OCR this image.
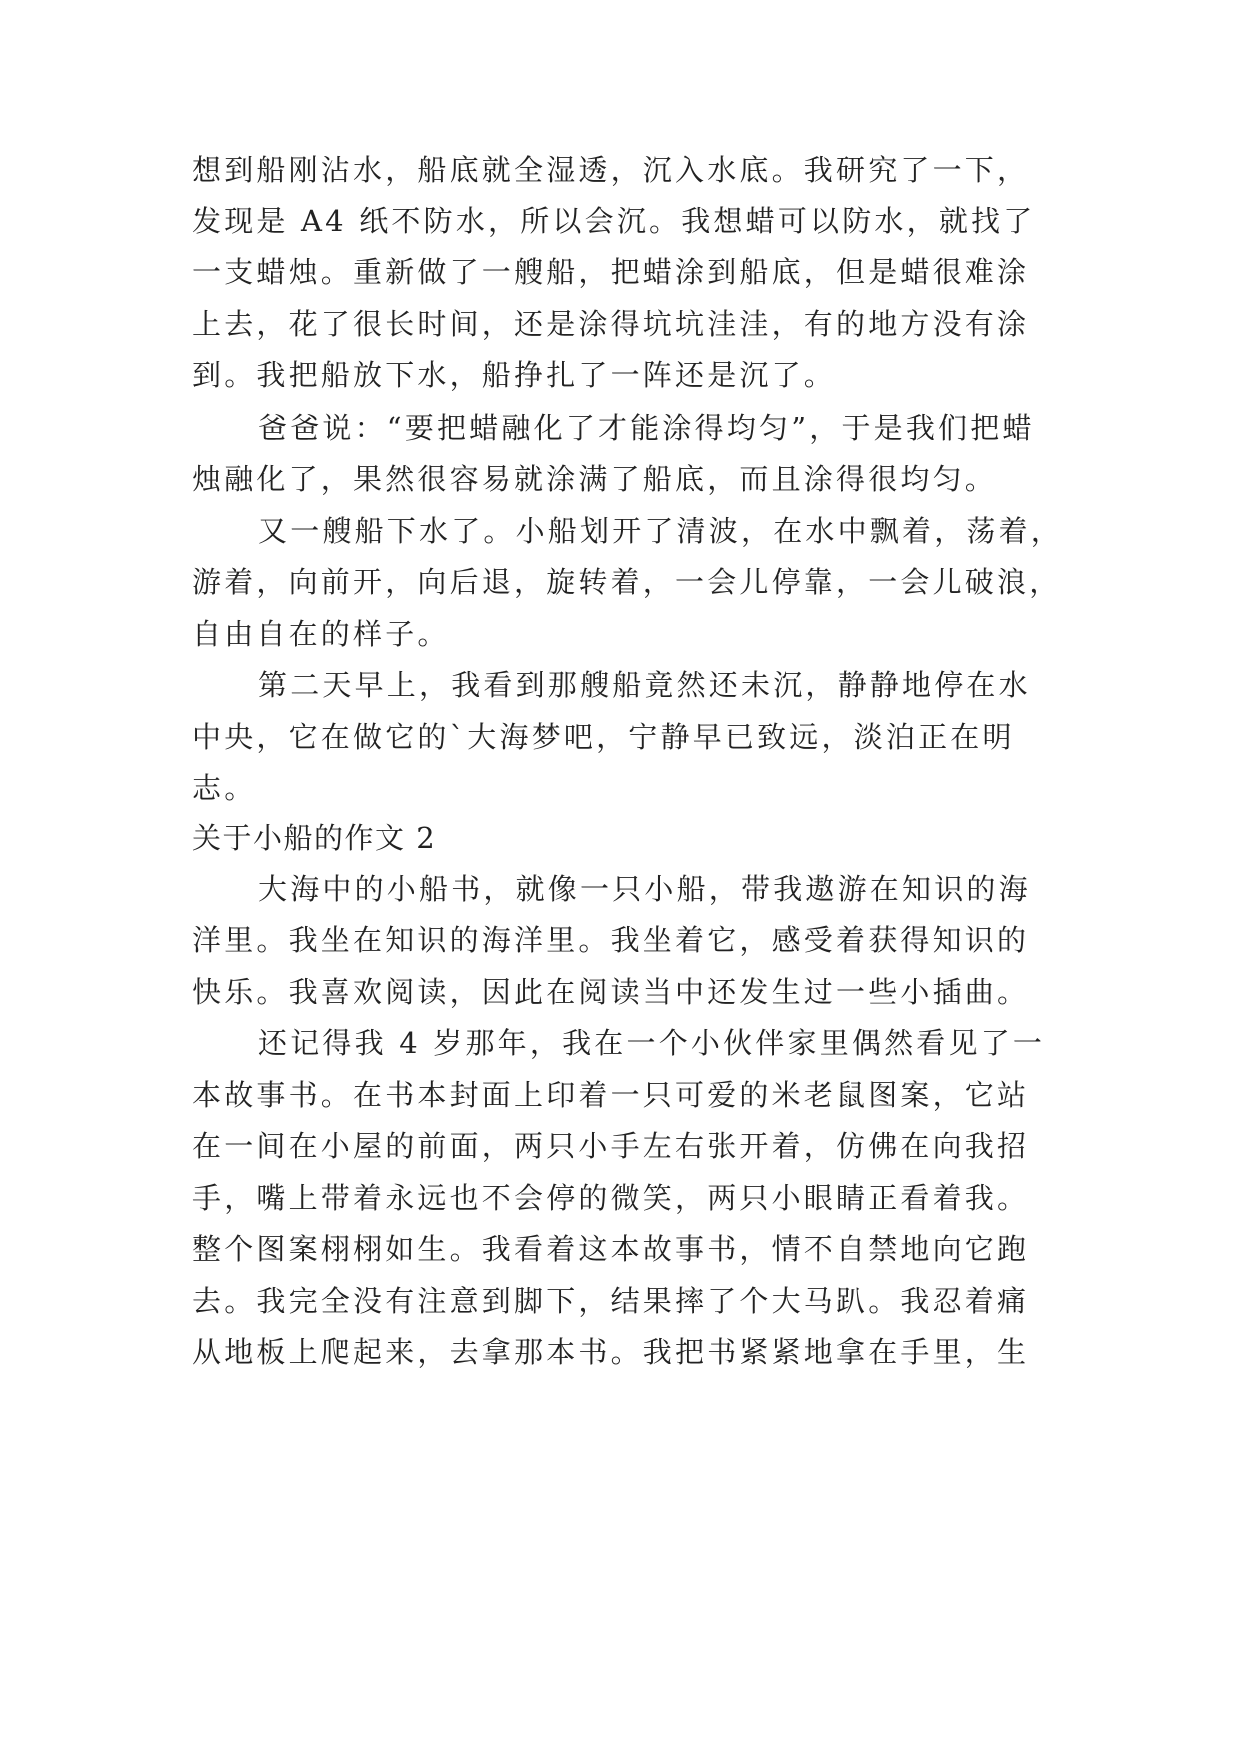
想到船刚沾水，船底就全湿透，沉入水底。我研究了一下，
发现是 A4 纸不防水，所以会沉。我想蜡可以防水，就找了
一支蜡烛。重新做了一艘船，把蜡涂到船底，但是蜡很难涂
上去，花了很长时间，还是涂得坑坑洼洼，有的地方没有涂
到。我把船放下水，船挣扎了一阵还是沉了。
爸爸说：“要把蜡融化了才能涂得均匀”，于是我们把蜡
烛融化了，果然很容易就涂满了船底，而且涂得很均匀。
又一艘船下水了。小船划开了清波，在水中飘着，荡着，
游着，向前开，向后退，旋转着，一会儿停靠，一会儿破浪，
自由自在的样子。
第二天早上，我看到那艘船竟然还未沉，静静地停在水
中央，它在做它的`大海梦吧，宁静早已致远，淡泊正在明
志。
关于小船的作文 2
大海中的小船书，就像一只小船，带我遨游在知识的海
洋里。我坐在知识的海洋里。我坐着它，感受着获得知识的
快乐。我喜欢阅读，因此在阅读当中还发生过一些小插曲。
还记得我 4 岁那年，我在一个小伙伴家里偶然看见了一
本故事书。在书本封面上印着一只可爱的米老鼠图案，它站
在一间在小屋的前面，两只小手左右张开着，仿佛在向我招
手，嘴上带着永远也不会停的微笑，两只小眼睛正看着我。
整个图案栩栩如生。我看着这本故事书，情不自禁地向它跑
去。我完全没有注意到脚下，结果摔了个大马趴。我忍着痛
从地板上爬起来，去拿那本书。我把书紧紧地拿在手里，生
